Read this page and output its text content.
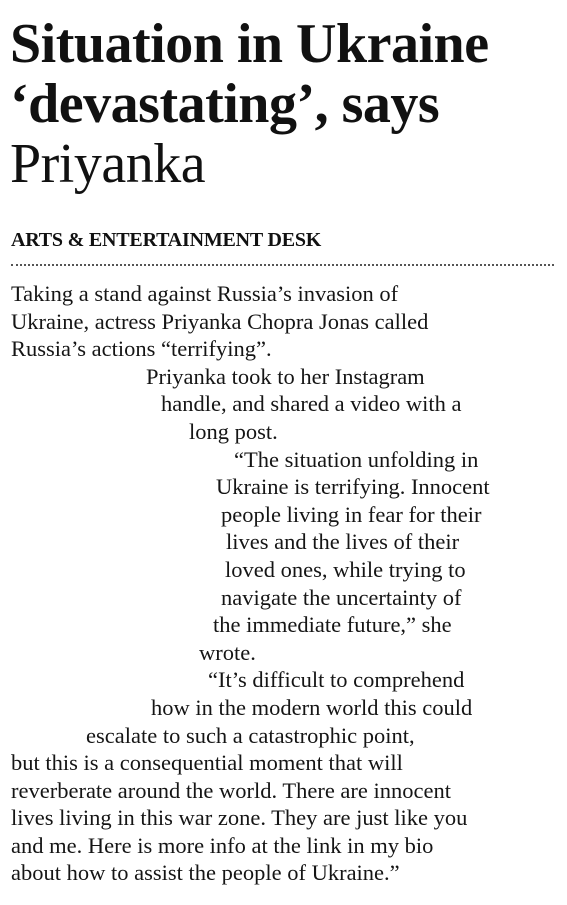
Situation in Ukraine
‘devastating’, says
Priyanka
ARTS & ENTERTAINMENT DESK
Taking a stand against Russia’s invasion of
Ukraine, actress Priyanka Chopra Jonas called
Russia’s actions “terrifying”.
Priyanka took to her Instagram
handle, and shared a video with a
long post.
“The situation unfolding in
Ukraine is terrifying. Innocent
people living in fear for their
lives and the lives of their
loved ones, while trying to
navigate the uncertainty of
the immediate future,” she
wrote.
“It’s difficult to comprehend
how in the modern world this could
escalate to such a catastrophic point,
but this is a consequential moment that will
reverberate around the world. There are innocent
lives living in this war zone. They are just like you
and me. Here is more info at the link in my bio
about how to assist the people of Ukraine.”
